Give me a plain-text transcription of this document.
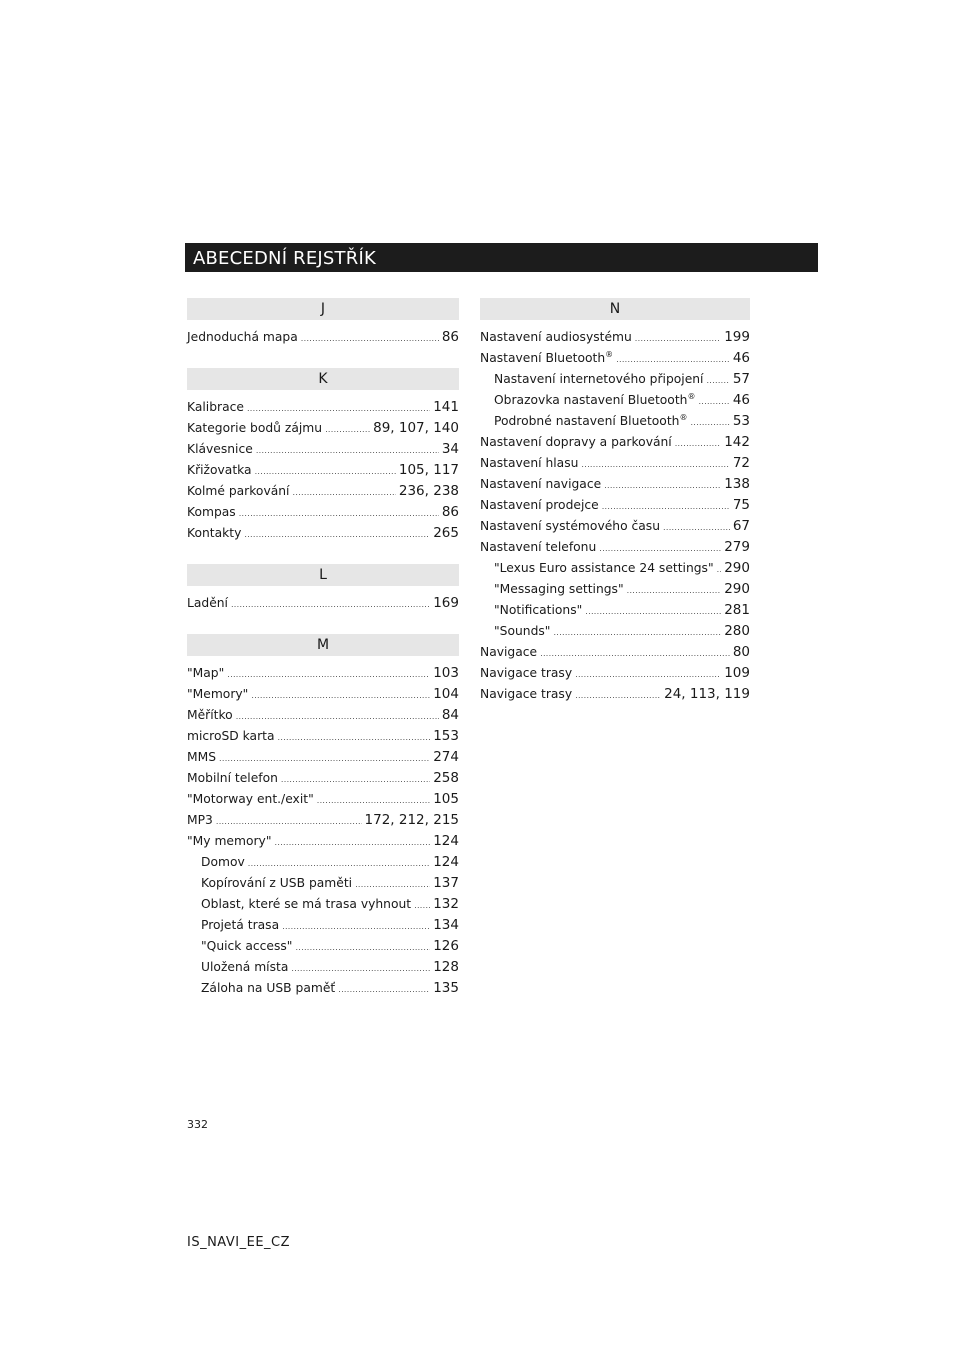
ABECEDNÍ REJSTŘÍK
J
Jednoduchá mapa .....	86
K
Kalibrace .....	141
Kategorie bodů zájmu .....	89, 107, 140
Klávesnice .....	34
Křižovatka .....	105, 117
Kolmé parkování .....	236, 238
Kompas .....	86
Kontakty .....	265
L
Ladění .....	169
M
"Map" .....	103
"Memory" .....	104
Měřítko .....	84
microSD karta .....	153
MMS .....	274
Mobilní telefon .....	258
"Motorway ent./exit" .....	105
MP3 .....	172, 212, 215
"My memory" .....	124
Domov .....	124
Kopírování z USB paměti .....	137
Oblast, které se má trasa vyhnout ..... 132
Projetá trasa .....	134
"Quick access" .....	126
Uložená místa .....	128
Záloha na USB paměť .....	135
N
Nastavení audiosystému .....	199
Nastavení Bluetooth® .....	46
Nastavení internetového připojení ..... 57
Obrazovka nastavení Bluetooth® .....	46
Podrobné nastavení Bluetooth® .....	53
Nastavení dopravy a parkování .....	142
Nastavení hlasu .....	72
Nastavení navigace .....	138
Nastavení prodejce .....	75
Nastavení systémového času .....	67
Nastavení telefonu .....	279
"Lexus Euro assistance 24 settings" ..... 290
"Messaging settings" .....	290
"Notifications" .....	281
"Sounds" .....	280
Navigace .....	80
Navigace trasy .....	109
Navigace trasy .....	24, 113, 119
332
IS_NAVI_EE_CZ
